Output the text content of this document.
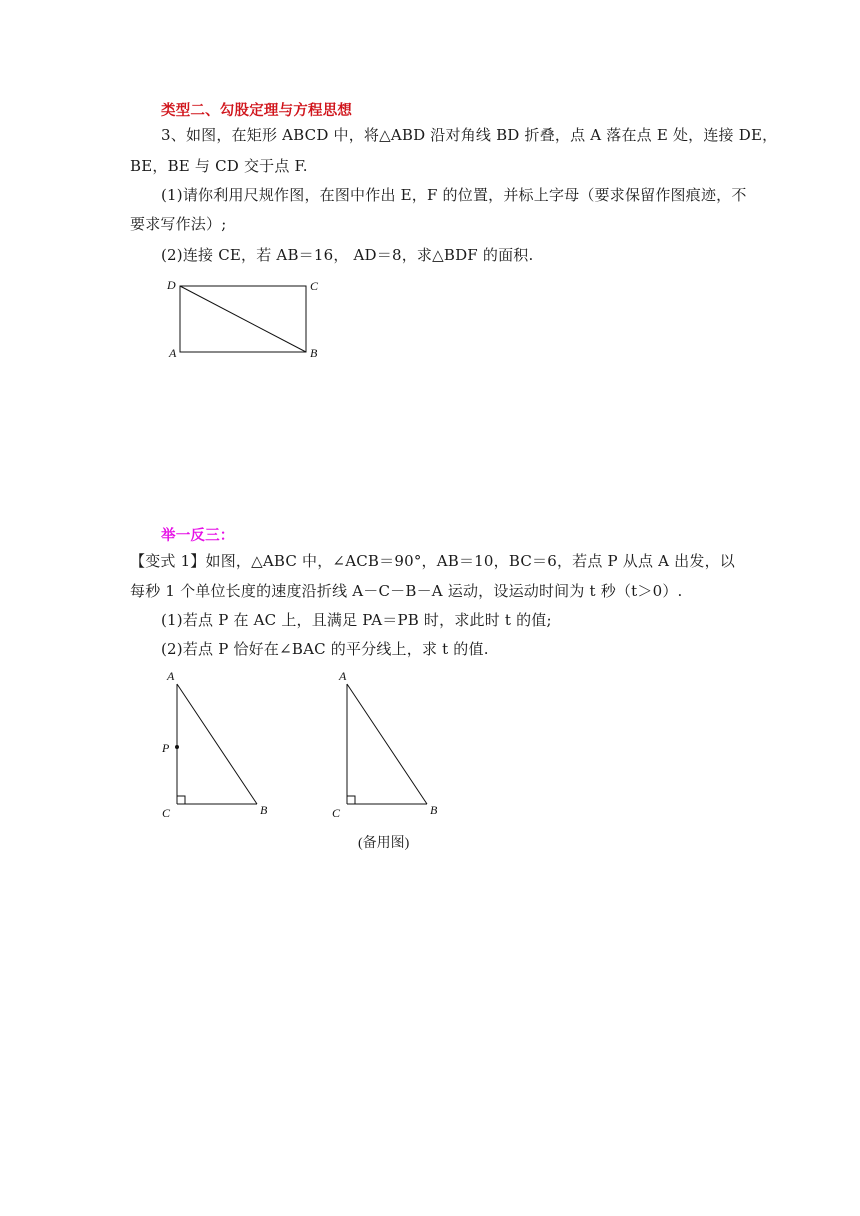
类型二、勾股定理与方程思想

3、如图，在矩形 ABCD 中，将△ABD 沿对角线 BD 折叠，点 A 落在点 E 处，连接 DE，

BE，BE 与 CD 交于点 F.

(1)请你利用尺规作图，在图中作出 E，F 的位置，并标上字母（要求保留作图痕迹，不

要求写作法）;

(2)连接 CE，若 AB＝16， AD＝8，求△BDF 的面积.

D	C
A	B

举一反三：

【变式 1】如图，△ABC 中，∠ACB＝90°，AB＝10，BC＝6，若点 P 从点 A 出发，以

每秒 1 个单位长度的速度沿折线 A－C－B－A 运动，设运动时间为 t 秒（t＞0）.

(1)若点 P 在 AC 上，且满足 PA＝PB 时，求此时 t 的值;

(2)若点 P 恰好在∠BAC 的平分线上，求 t 的值.

A
P
C	B
A
C	B
(备用图)
